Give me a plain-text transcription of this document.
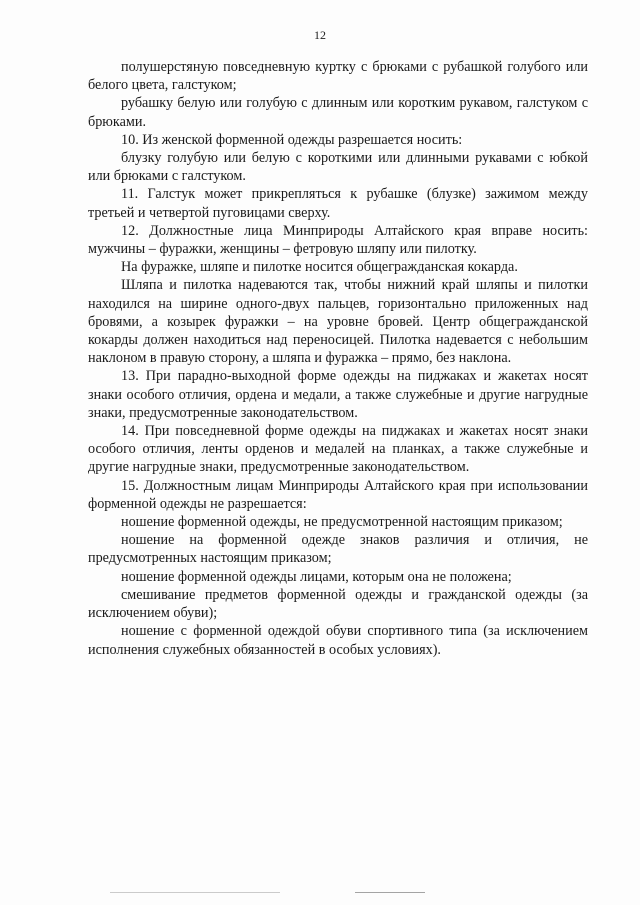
12

полушерстяную повседневную куртку с брюками с рубашкой голубого или белого цвета, галстуком;

рубашку белую или голубую с длинным или коротким рукавом, галстуком с брюками.

10. Из женской форменной одежды разрешается носить:

блузку голубую или белую с короткими или длинными рукавами с юбкой или брюками с галстуком.

11. Галстук может прикрепляться к рубашке (блузке) зажимом между третьей и четвертой пуговицами сверху.

12. Должностные лица Минприроды Алтайского края вправе носить: мужчины – фуражки, женщины – фетровую шляпу или пилотку.

На фуражке, шляпе и пилотке носится общегражданская кокарда.

Шляпа и пилотка надеваются так, чтобы нижний край шляпы и пилотки находился на ширине одного-двух пальцев, горизонтально приложенных над бровями, а козырек фуражки – на уровне бровей. Центр общегражданской кокарды должен находиться над переносицей. Пилотка надевается с небольшим наклоном в правую сторону, а шляпа и фуражка – прямо, без наклона.

13. При парадно-выходной форме одежды на пиджаках и жакетах носят знаки особого отличия, ордена и медали, а также служебные и другие нагрудные знаки, предусмотренные законодательством.

14. При повседневной форме одежды на пиджаках и жакетах носят знаки особого отличия, ленты орденов и медалей на планках, а также служебные и другие нагрудные знаки, предусмотренные законодательством.

15. Должностным лицам Минприроды Алтайского края при использовании форменной одежды не разрешается:

ношение форменной одежды, не предусмотренной настоящим приказом;

ношение на форменной одежде знаков различия и отличия, не предусмотренных настоящим приказом;

ношение форменной одежды лицами, которым она не положена;

смешивание предметов форменной одежды и гражданской одежды (за исключением обуви);

ношение с форменной одеждой обуви спортивного типа (за исключением исполнения служебных обязанностей в особых условиях).
